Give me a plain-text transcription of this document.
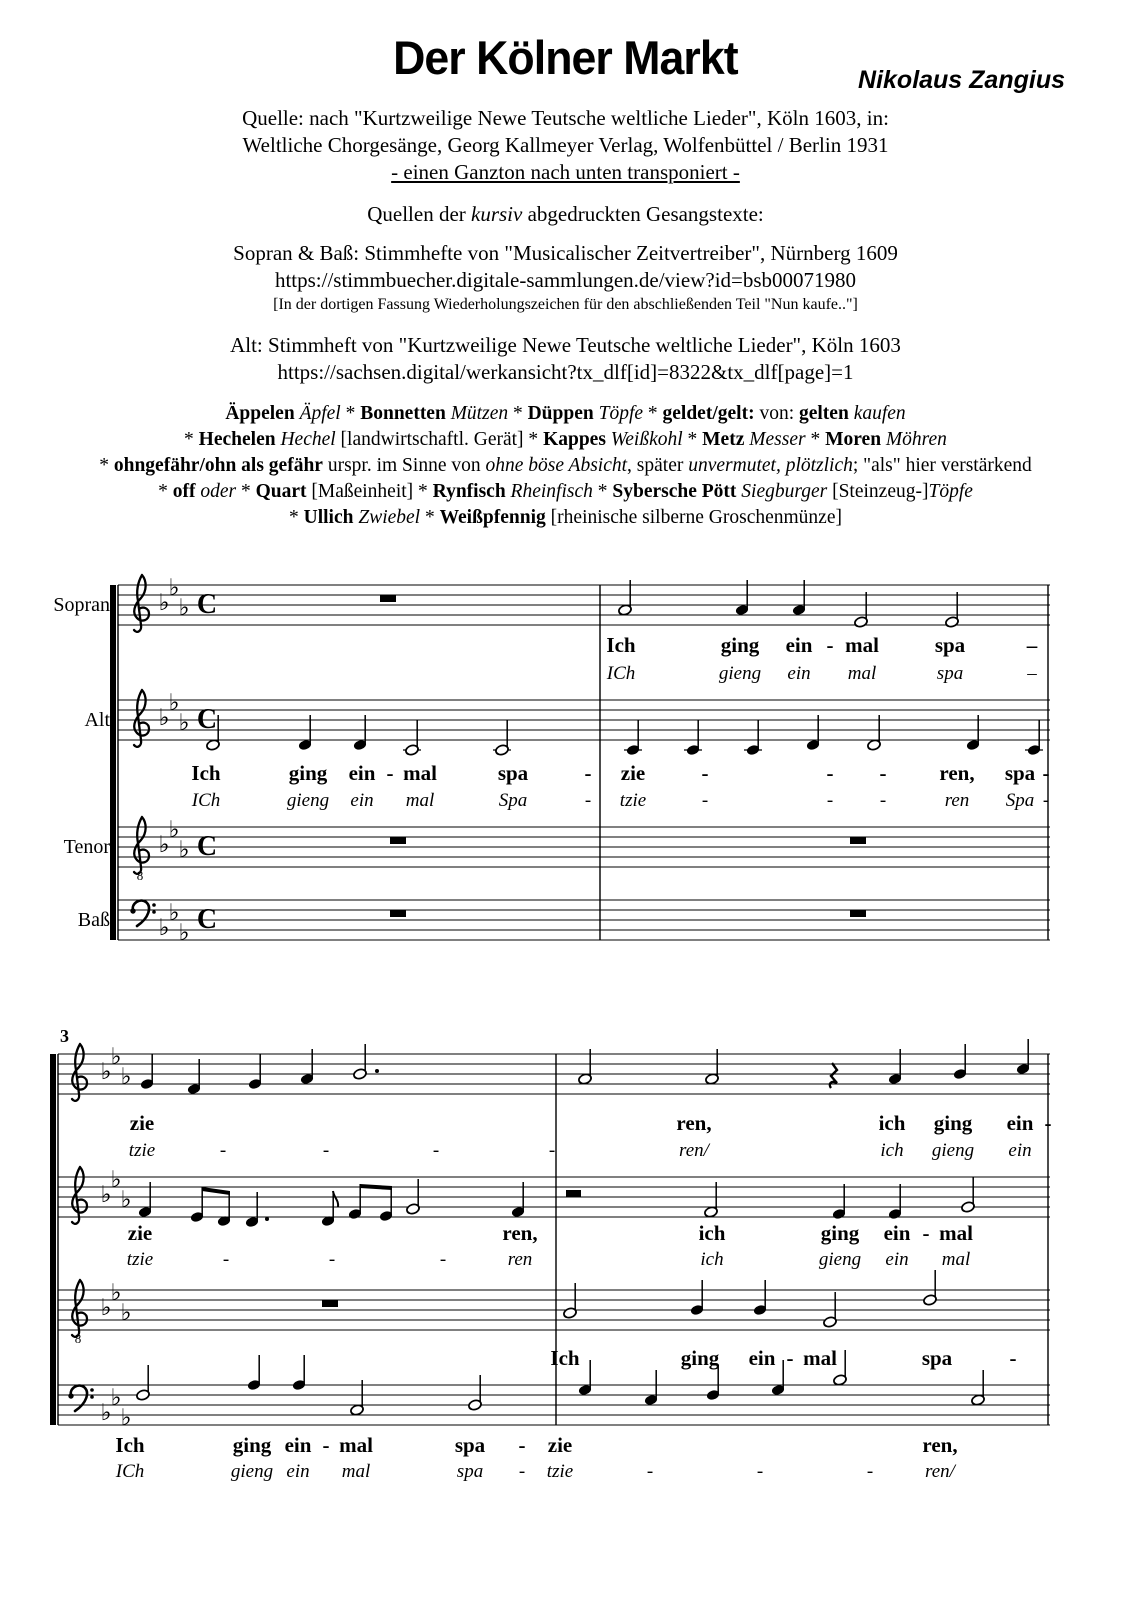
Der Kölner Markt	Nikolaus Zangius
Quelle: nach "Kurtzweilige Newe Teutsche weltliche Lieder", Köln 1603, in:
Weltliche Chorgesänge, Georg Kallmeyer Verlag, Wolfenbüttel / Berlin 1931
- einen Ganzton nach unten transponiert -
Quellen der kursiv abgedruckten Gesangstexte:
Sopran & Baß: Stimmhefte von "Musicalischer Zeitvertreiber", Nürnberg 1609
https://stimmbuecher.digitale-sammlungen.de/view?id=bsb00071980
[In der dortigen Fassung Wiederholungszeichen für den abschließenden Teil "Nun kaufe.."]
Alt: Stimmheft von "Kurtzweilige Newe Teutsche weltliche Lieder", Köln 1603
https://sachsen.digital/werkansicht?tx_dlf[id]=8322&tx_dlf[page]=1
Äppelen Äpfel * Bonnetten Mützen * Düppen Töpfe * geldet/gelt: von: gelten kaufen
* Hechelen Hechel [landwirtschaftl. Gerät] * Kappes Weißkohl * Metz Messer * Moren Möhren
* ohngefähr/ohn als gefähr urspr. im Sinne von ohne böse Absicht, später unvermutet, plötzlich; "als" hier verstärkend
* off oder * Quart [Maßeinheit] * Rynfisch Rheinfisch * Sybersche Pött Siegburger [Steinzeug-]Töpfe
* Ullich Zwiebel * Weißpfennig [rheinische silberne Groschenmünze]
♭
♭
♭ C
Sopran
Ich	ging ein - mal	spa	–
ICh	gieng ein mal	spa	–
♭
♭
♭ C
Alt
Ich	ging ein - mal	spa	- zie	-	- -	ren, spa -
ICh	gieng ein mal	Spa	- tzie	-	- -	ren Spa -
8
♭
♭
♭ C
Tenor
♭
♭
♭ C
Baß
3
♭
♭
♭
zie	ren,	ich ging ein -
tzie	-	-	-	-	ren/	ich gieng ein
♭
♭
♭
zie	ren,	ich	ging ein - mal
tzie	-	-	-	ren	ich	gieng ein mal
8
♭
♭
♭
Ich	ging ein - mal	spa	-
♭
♭
♭
Ich	ging ein - mal	spa - zie	ren,
ICh	gieng ein mal	spa - tzie	-	-	-	ren/
